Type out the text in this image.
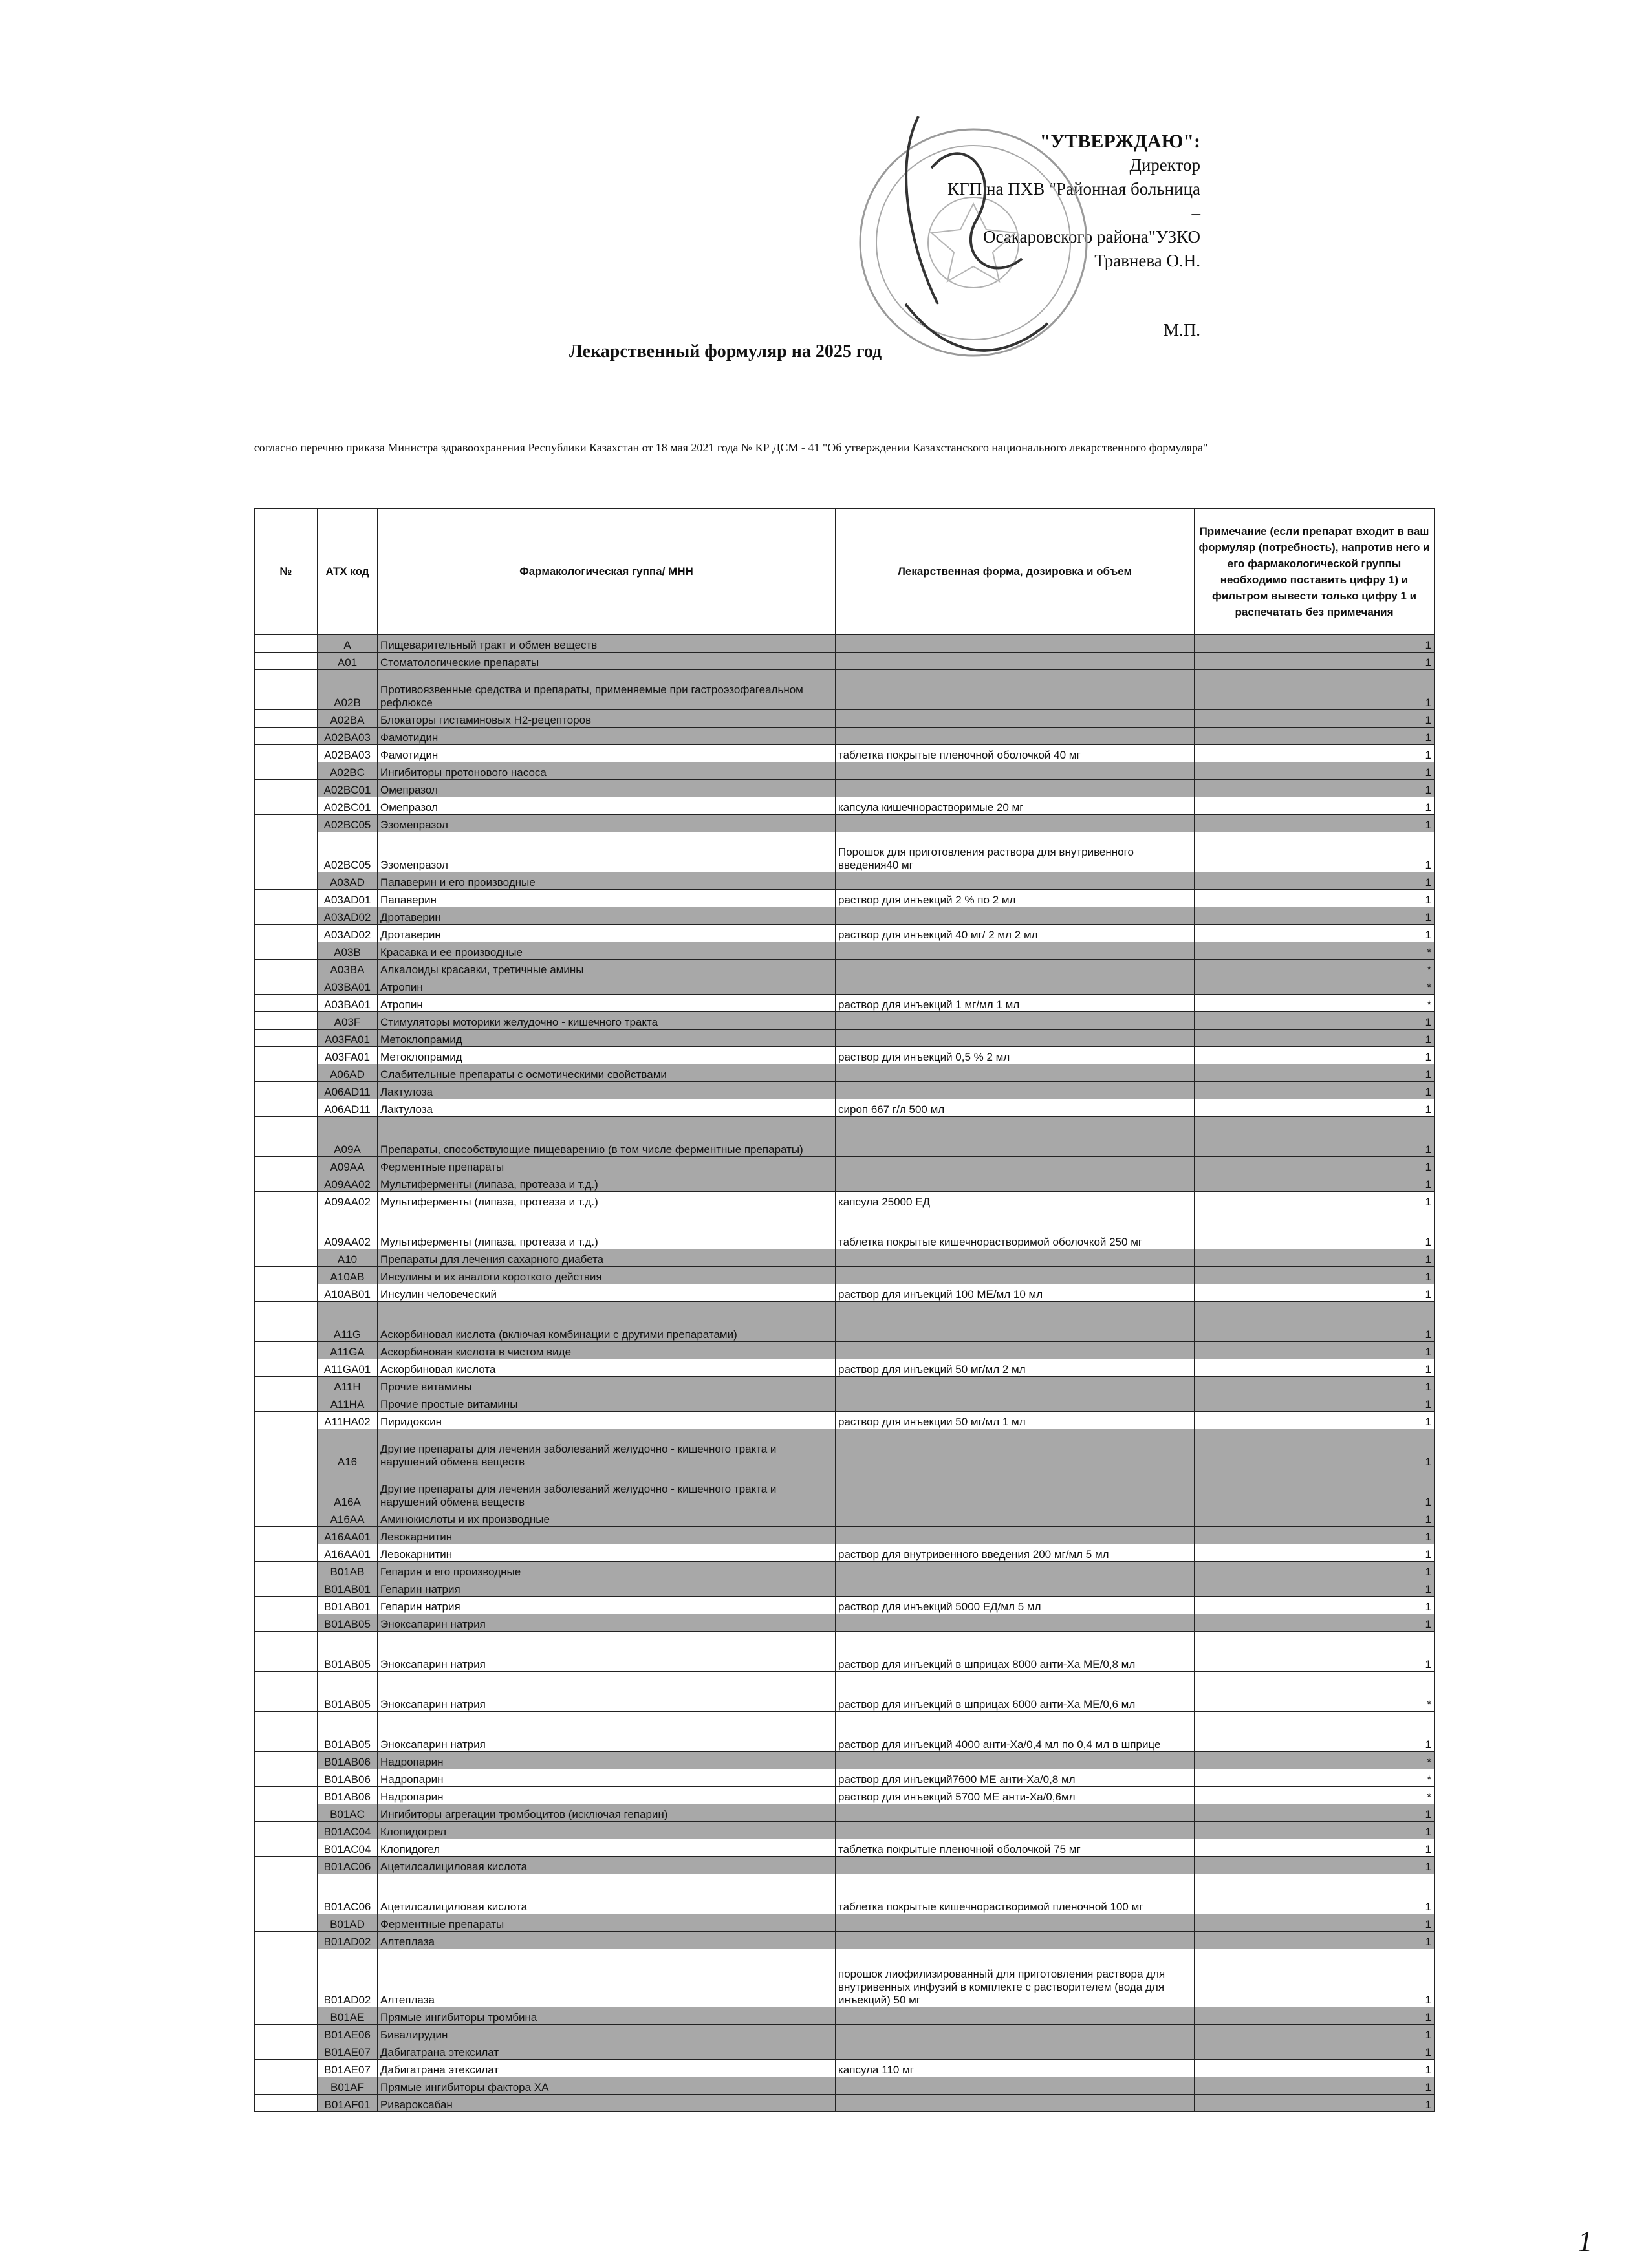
"УТВЕРЖДАЮ":
Директор
КГП на ПХВ "Районная больница
–
Осакаровского района"УЗКО
Травнева О.Н.
М.П.
Лекарственный формуляр на 2025 год
согласно перечню приказа Министра здравоохранения Республики Казахстан от 18 мая 2021 года № КР ДСМ - 41 "Об утверждении Казахстанского национального лекарственного формуляра"
№	АТХ код	Фармакологическая гуппа/ МНН	Лекарственная форма, дозировка и объем	Примечание (если препарат входит в ваш формуляр (потребность), напротив него и его фармакологической группы необходимо поставить цифру 1) и фильтром вывести только цифру 1 и распечатать без примечания
	A	Пищеварительный тракт и обмен веществ		1
	A01	Стоматологические препараты		1
	A02B	Противоязвенные средства и препараты, применяемые при гастроэзофагеальном рефлюксе		1
	A02BA	Блокаторы гистаминовых Н2-рецепторов		1
	A02BA03	Фамотидин		1
	A02BA03	Фамотидин	таблетка покрытые пленочной оболочкой 40 мг	1
	A02BC	Ингибиторы протонового насоса		1
	A02BC01	Омепразол		1
	A02BC01	Омепразол	капсула кишечнорастворимые 20 мг	1
	A02BC05	Эзомепразол		1
	A02BC05	Эзомепразол	Порошок для приготовления раствора для внутривенного введения40 мг	1
	A03AD	Папаверин и его производные		1
	A03AD01	Папаверин	раствор для инъекций 2 % по 2 мл	1
	A03AD02	Дротаверин		1
	A03AD02	Дротаверин	раствор для инъекций 40 мг/ 2 мл 2 мл	1
	A03B	Красавка и ее производные		*
	A03BA	Алкалоиды красавки, третичные амины		*
	A03BA01	Атропин		*
	A03BA01	Атропин	раствор для инъекций 1 мг/мл 1 мл	*
	A03F	Стимуляторы моторики желудочно - кишечного тракта		1
	A03FA01	Метоклопрамид		1
	A03FA01	Метоклопрамид	раствор для инъекций 0,5 % 2 мл	1
	A06AD	Слабительные препараты с осмотическими свойствами		1
	A06AD11	Лактулоза		1
	A06AD11	Лактулоза	сироп 667 г/л 500 мл	1
	A09A	Препараты, способствующие пищеварению (в том числе ферментные препараты)		1
	A09AA	Ферментные препараты		1
	A09AA02	Мультиферменты (липаза, протеаза и т.д.)		1
	A09AA02	Мультиферменты (липаза, протеаза и т.д.)	капсула 25000 ЕД	1
	A09AA02	Мультиферменты (липаза, протеаза и т.д.)	таблетка покрытые кишечнорастворимой оболочкой 250 мг	1
	A10	Препараты для лечения сахарного диабета		1
	A10AB	Инсулины и их аналоги короткого действия		1
	A10AB01	Инсулин человеческий	раствор для инъекций 100 МЕ/мл 10 мл	1
	A11G	Аскорбиновая кислота (включая комбинации с другими препаратами)		1
	A11GA	Аскорбиновая кислота в чистом виде		1
	A11GA01	Аскорбиновая кислота	раствор для инъекций 50 мг/мл 2 мл	1
	A11H	Прочие витамины		1
	A11HA	Прочие простые витамины		1
	A11HA02	Пиридоксин	раствор для инъекции 50 мг/мл 1 мл	1
	A16	Другие препараты для лечения заболеваний желудочно - кишечного тракта и нарушений обмена веществ		1
	A16A	Другие препараты для лечения заболеваний желудочно - кишечного тракта и нарушений обмена веществ		1
	A16AA	Аминокислоты и их производные		1
	A16AA01	Левокарнитин		1
	A16AA01	Левокарнитин	раствор для внутривенного введения 200 мг/мл 5 мл	1
	B01AB	Гепарин и его производные		1
	B01AB01	Гепарин натрия		1
	B01AB01	Гепарин натрия	раствор для инъекций 5000 ЕД/мл 5 мл	1
	B01AB05	Эноксапарин натрия		1
	B01AB05	Эноксапарин натрия	раствор для инъекций в шприцах 8000 анти-Ха МЕ/0,8 мл	1
	B01AB05	Эноксапарин натрия	раствор для инъекций в шприцах 6000 анти-Ха МЕ/0,6 мл	*
	B01AB05	Эноксапарин натрия	раствор для инъекций 4000 анти-Ха/0,4 мл по 0,4 мл в шприце	1
	B01AB06	Надропарин		*
	B01AB06	Надропарин	раствор для инъекций7600 МЕ анти-Ха/0,8 мл	*
	B01AB06	Надропарин	раствор для инъекций 5700 МЕ анти-Ха/0,6мл	*
	B01AC	Ингибиторы агрегации тромбоцитов (исключая гепарин)		1
	B01AC04	Клопидогрел		1
	B01AC04	Клопидогел	таблетка покрытые пленочной оболочкой 75 мг	1
	B01AC06	Ацетилсалициловая кислота		1
	B01AC06	Ацетилсалициловая кислота	таблетка покрытые кишечнорастворимой пленочной 100 мг	1
	B01AD	Ферментные препараты		1
	B01AD02	Алтеплаза		1
	B01AD02	Алтеплаза	порошок лиофилизированный для приготовления раствора для внутривенных инфузий в комплекте с растворителем (вода для инъекций) 50 мг	1
	B01AE	Прямые ингибиторы тромбина		1
	B01AE06	Бивалирудин		1
	B01AE07	Дабигатрана этексилат		1
	B01AE07	Дабигатрана этексилат	капсула 110 мг	1
	B01AF	Прямые ингибиторы фактора ХА		1
	B01AF01	Ривароксабан		1
1
